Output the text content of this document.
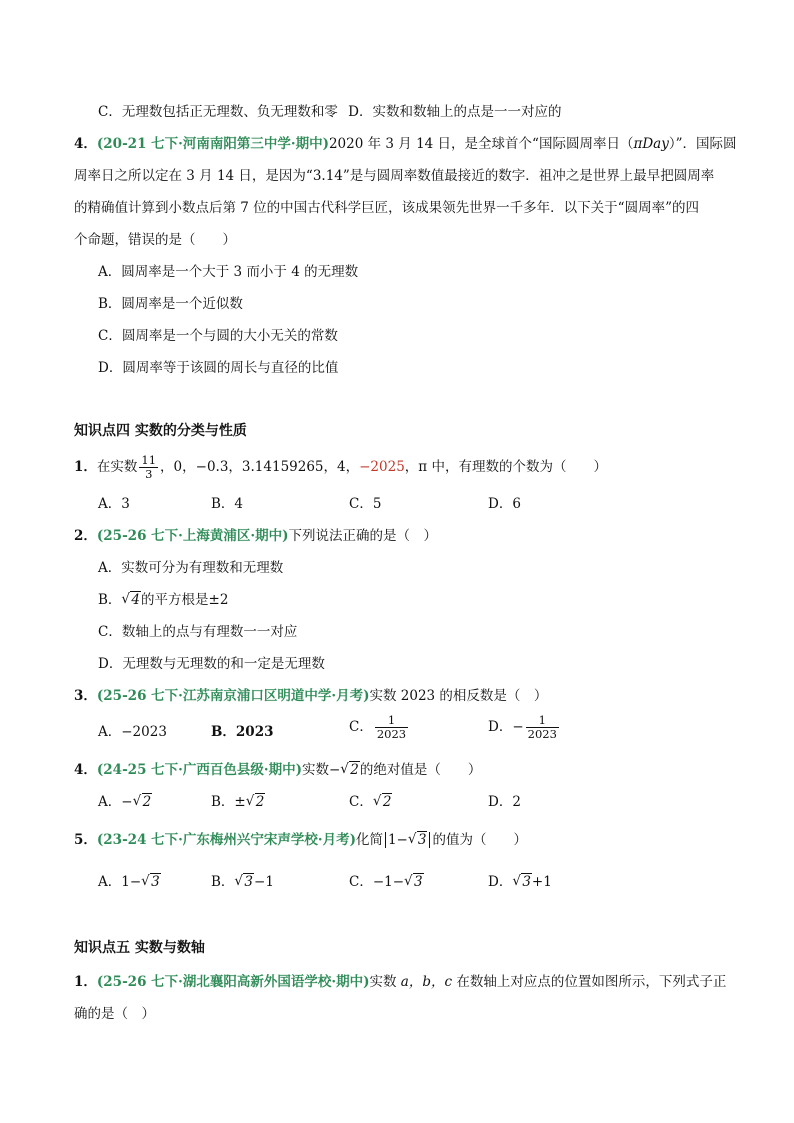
C．无理数包括正无理数、负无理数和零 D．实数和数轴上的点是一一对应的
4．(20-21 七下·河南南阳第三中学·期中)2020 年 3 月 14 日，是全球首个“国际圆周率日（πDay）”．国际圆
周率日之所以定在 3 月 14 日，是因为“3.14”是与圆周率数值最接近的数字．祖冲之是世界上最早把圆周率
的精确值计算到小数点后第 7 位的中国古代科学巨匠，该成果领先世界一千多年．以下关于“圆周率”的四
个命题，错误的是（　　）
A．圆周率是一个大于 3 而小于 4 的无理数
B．圆周率是一个近似数
C．圆周率是一个与圆的大小无关的常数
D．圆周率等于该圆的周长与直径的比值
知识点四 实数的分类与性质
1．在实数 $\frac{11}{3}$ ，0，−0.3，3.14159265，4，−2025，π 中，有理数的个数为（　　）
A．3	B．4	C．5	D．6
2．(25-26 七下·上海黄浦区·期中)下列说法正确的是（　）
A．实数可分为有理数和无理数
B． √ 4的平方根是±2
C．数轴上的点与有理数一一对应
D．无理数与无理数的和一定是无理数
3．(25-26 七下·江苏南京浦口区明道中学·月考)实数 2023 的相反数是（　）
A．−2023	B．2023	C． $\frac{1}{2023}$	D．− $\frac{1}{2023}$
4．(24-25 七下·广西百色县级·期中)实数− √ 2的绝对值是（　　）
A．− √ 2	B．± √ 2	C． √ 2	D．2
5．(23-24 七下·广东梅州兴宁宋声学校·月考)化简 1− √ 3 的值为（　　）
A．1− √ 3	B． √ 3−1	C．−1− √ 3	D． √ 3+1
知识点五 实数与数轴
1．(25-26 七下·湖北襄阳高新外国语学校·期中)实数 a，b，c 在数轴上对应点的位置如图所示，下列式子正
确的是（　）
